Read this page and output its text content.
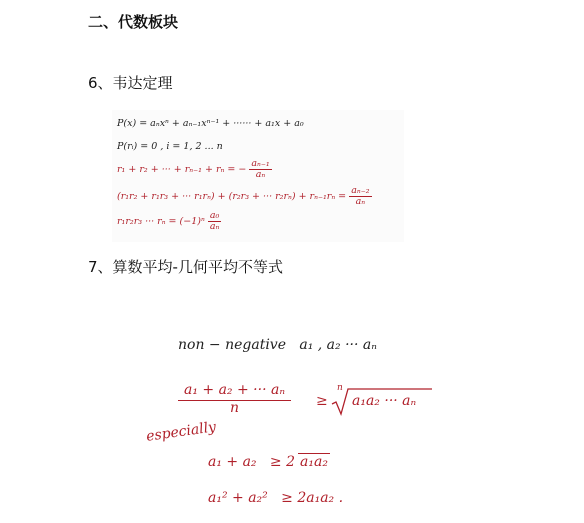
二、代数板块
6、韦达定理
P(x) = aₙxⁿ + aₙ₋₁xⁿ⁻¹ + ······ + a₁x + a₀
P(rᵢ) = 0 , i = 1, 2 ... n
r₁ + r₂ + ··· + rₙ₋₁ + rₙ = − $\frac{\text{aₙ₋₁}}{\text{aₙ}}$
(r₁r₂ + r₁r₃ + ··· r₁rₙ) + (r₂r₃ + ··· $r_2r_n) + r_{n-1}r_n = \frac{\text{aₙ₋₂}}{\text{aₙ}}$
r₁r₂r₃ ··· $r_n = (-1)^n \frac{\text{a₀}}{\text{aₙ}}$
7、算数平均-几何平均不等式
non − negative a₁ , a₂ ··· aₙ
$\frac{\text{a₁ + a₂ + ··· aₙ}}{n}$ ≥
n
a₁a₂ ··· aₙ
especially
a₁ + a₂ ≥ 2 a₁a₂
a₁² + a₂² ≥ 2a₁a₂ .
